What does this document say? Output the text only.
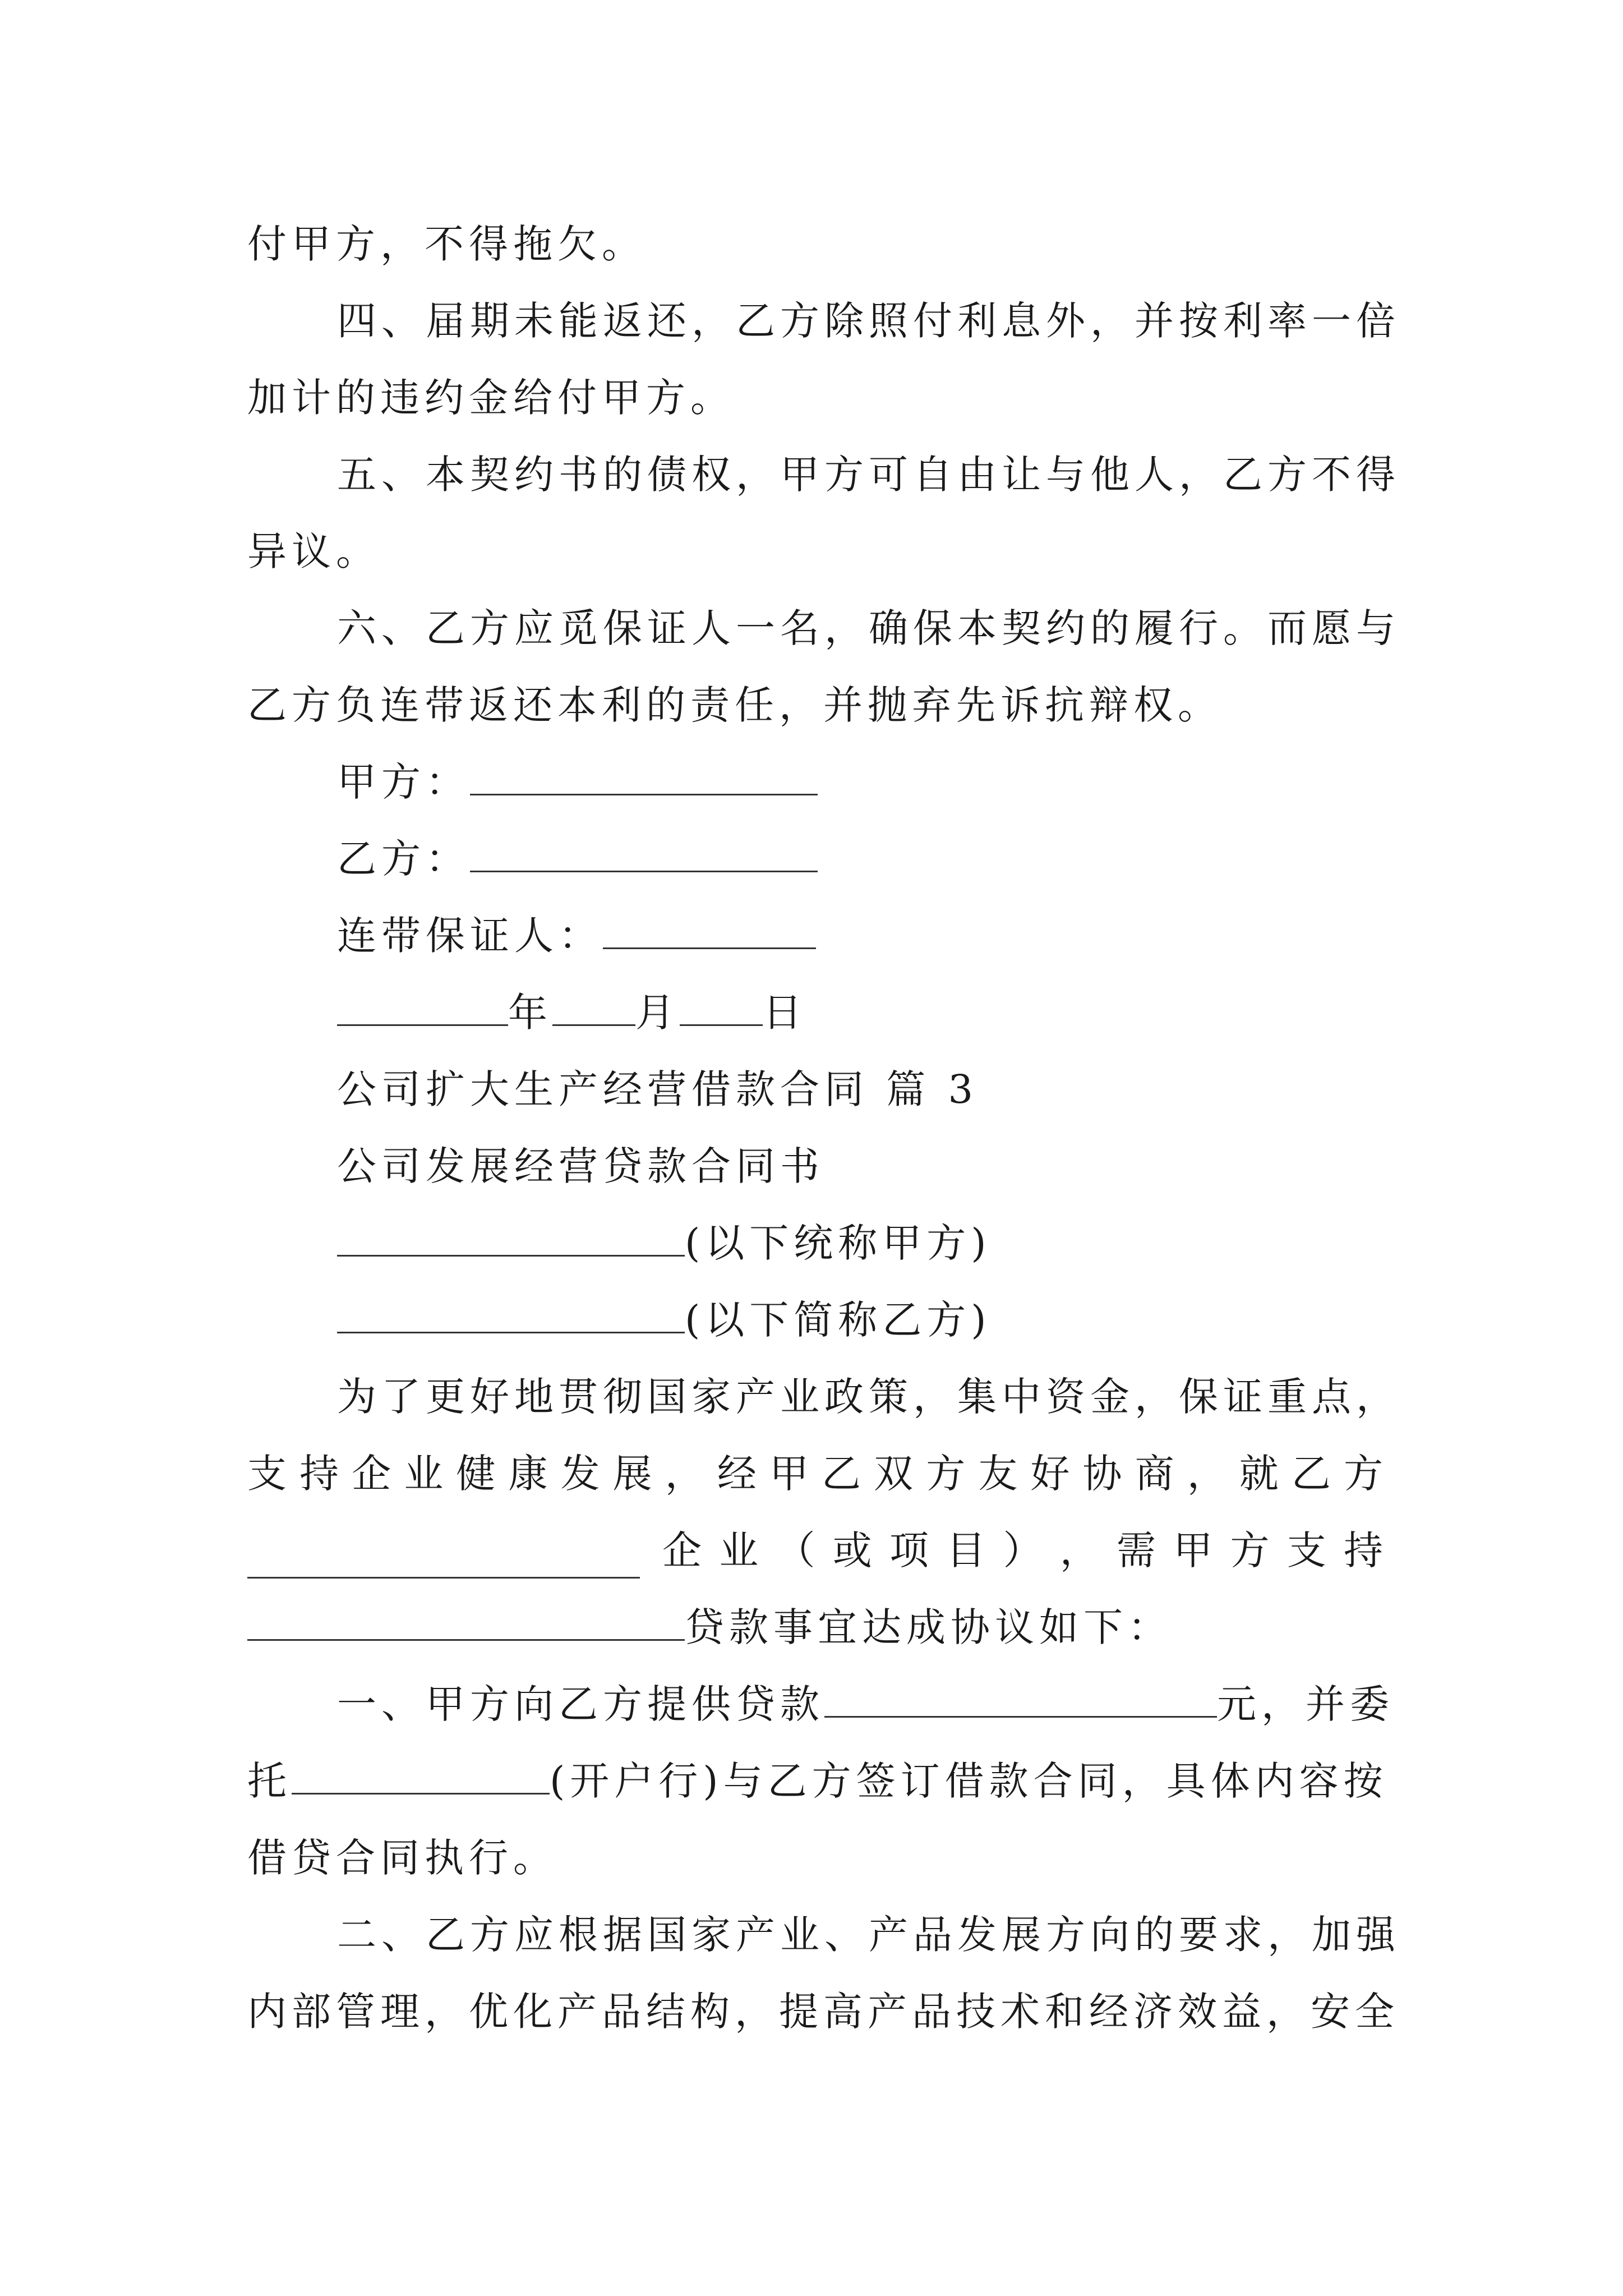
付甲方，不得拖欠。
四、届期未能返还，乙方除照付利息外，并按利率一倍
加计的违约金给付甲方。
五、本契约书的债权，甲方可自由让与他人，乙方不得
异议。
六、乙方应觅保证人一名，确保本契约的履行。而愿与
乙方负连带返还本利的责任，并抛弃先诉抗辩权。
甲方：
乙方：
连带保证人：
年 月 日
公司扩大生产经营借款合同 篇 3
公司发展经营贷款合同书
(以下统称甲方)
(以下简称乙方)
为了更好地贯彻国家产业政策，集中资金，保证重点，
支 持 企 业 健 康 发 展 ， 经 甲 乙 双 方 友 好 协 商 ， 就 乙 方
企 业 （ 或 项 目 ） ， 需 甲 方 支 持
贷款事宜达成协议如下：
一、甲方向乙方提供贷款	元，并委
托	(开户行)与乙方签订借款合同，具体内容按
借贷合同执行。
二、乙方应根据国家产业、产品发展方向的要求，加强
内部管理，优化产品结构，提高产品技术和经济效益，安全
